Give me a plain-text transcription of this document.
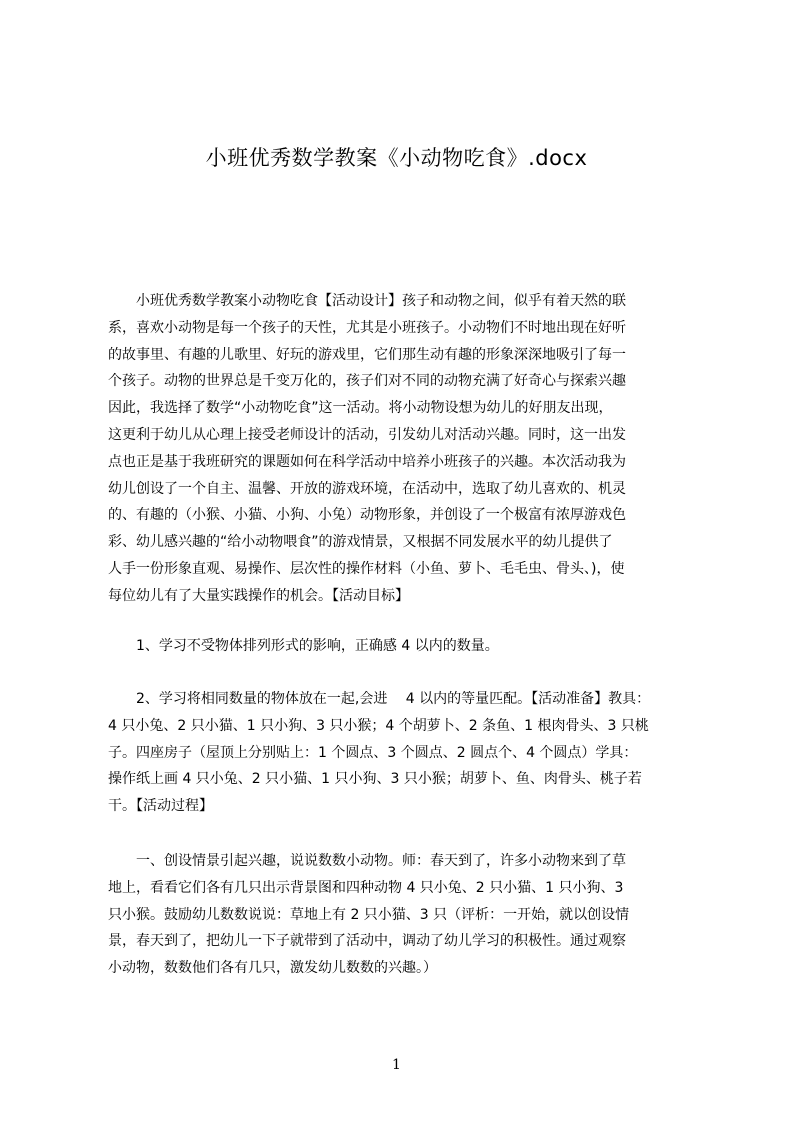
小班优秀数学教案《小动物吃食》.docx
　　小班优秀数学教案小动物吃食【活动设计】孩子和动物之间，似乎有着天然的联
系，喜欢小动物是每一个孩子的天性，尤其是小班孩子。小动物们不时地出现在好听
的故事里、有趣的儿歌里、好玩的游戏里，它们那生动有趣的形象深深地吸引了每一
个孩子。动物的世界总是千变万化的，孩子们对不同的动物充满了好奇心与探索兴趣
因此，我选择了数学“小动物吃食”这一活动。将小动物设想为幼儿的好朋友出现，
这更利于幼儿从心理上接受老师设计的活动，引发幼儿对活动兴趣。同时，这一出发
点也正是基于我班研究的课题如何在科学活动中培养小班孩子的兴趣。本次活动我为
幼儿创设了一个自主、温馨、开放的游戏环境，在活动中，选取了幼儿喜欢的、机灵
的、有趣的（小猴、小猫、小狗、小兔）动物形象，并创设了一个极富有浓厚游戏色
彩、幼儿感兴趣的“给小动物喂食”的游戏情景，又根据不同发展水平的幼儿提供了
人手一份形象直观、易操作、层次性的操作材料（小鱼、萝卜、毛毛虫、骨头、)，使
每位幼儿有了大量实践操作的机会。【活动目标】
　　1、学习不受物体排列形式的影响，正确感 4 以内的数量。
　　2、学习将相同数量的物体放在一起,会进　 4 以内的等量匹配。【活动准备】教具：
4 只小兔、2 只小猫、1 只小狗、3 只小猴；4 个胡萝卜、2 条鱼、1 根肉骨头、3 只桃
子。四座房子（屋顶上分别贴上：1 个圆点、3 个圆点、2 圆点个、4 个圆点）学具：
操作纸上画 4 只小兔、2 只小猫、1 只小狗、3 只小猴；胡萝卜、鱼、肉骨头、桃子若
干。【活动过程】
　　一、创设情景引起兴趣，说说数数小动物。师：春天到了，许多小动物来到了草
地上，看看它们各有几只出示背景图和四种动物 4 只小兔、2 只小猫、1 只小狗、3
只小猴。鼓励幼儿数数说说：草地上有 2 只小猫、3 只（评析：一开始，就以创设情
景，春天到了，把幼儿一下子就带到了活动中，调动了幼儿学习的积极性。通过观察
小动物，数数他们各有几只，激发幼儿数数的兴趣。）
1
